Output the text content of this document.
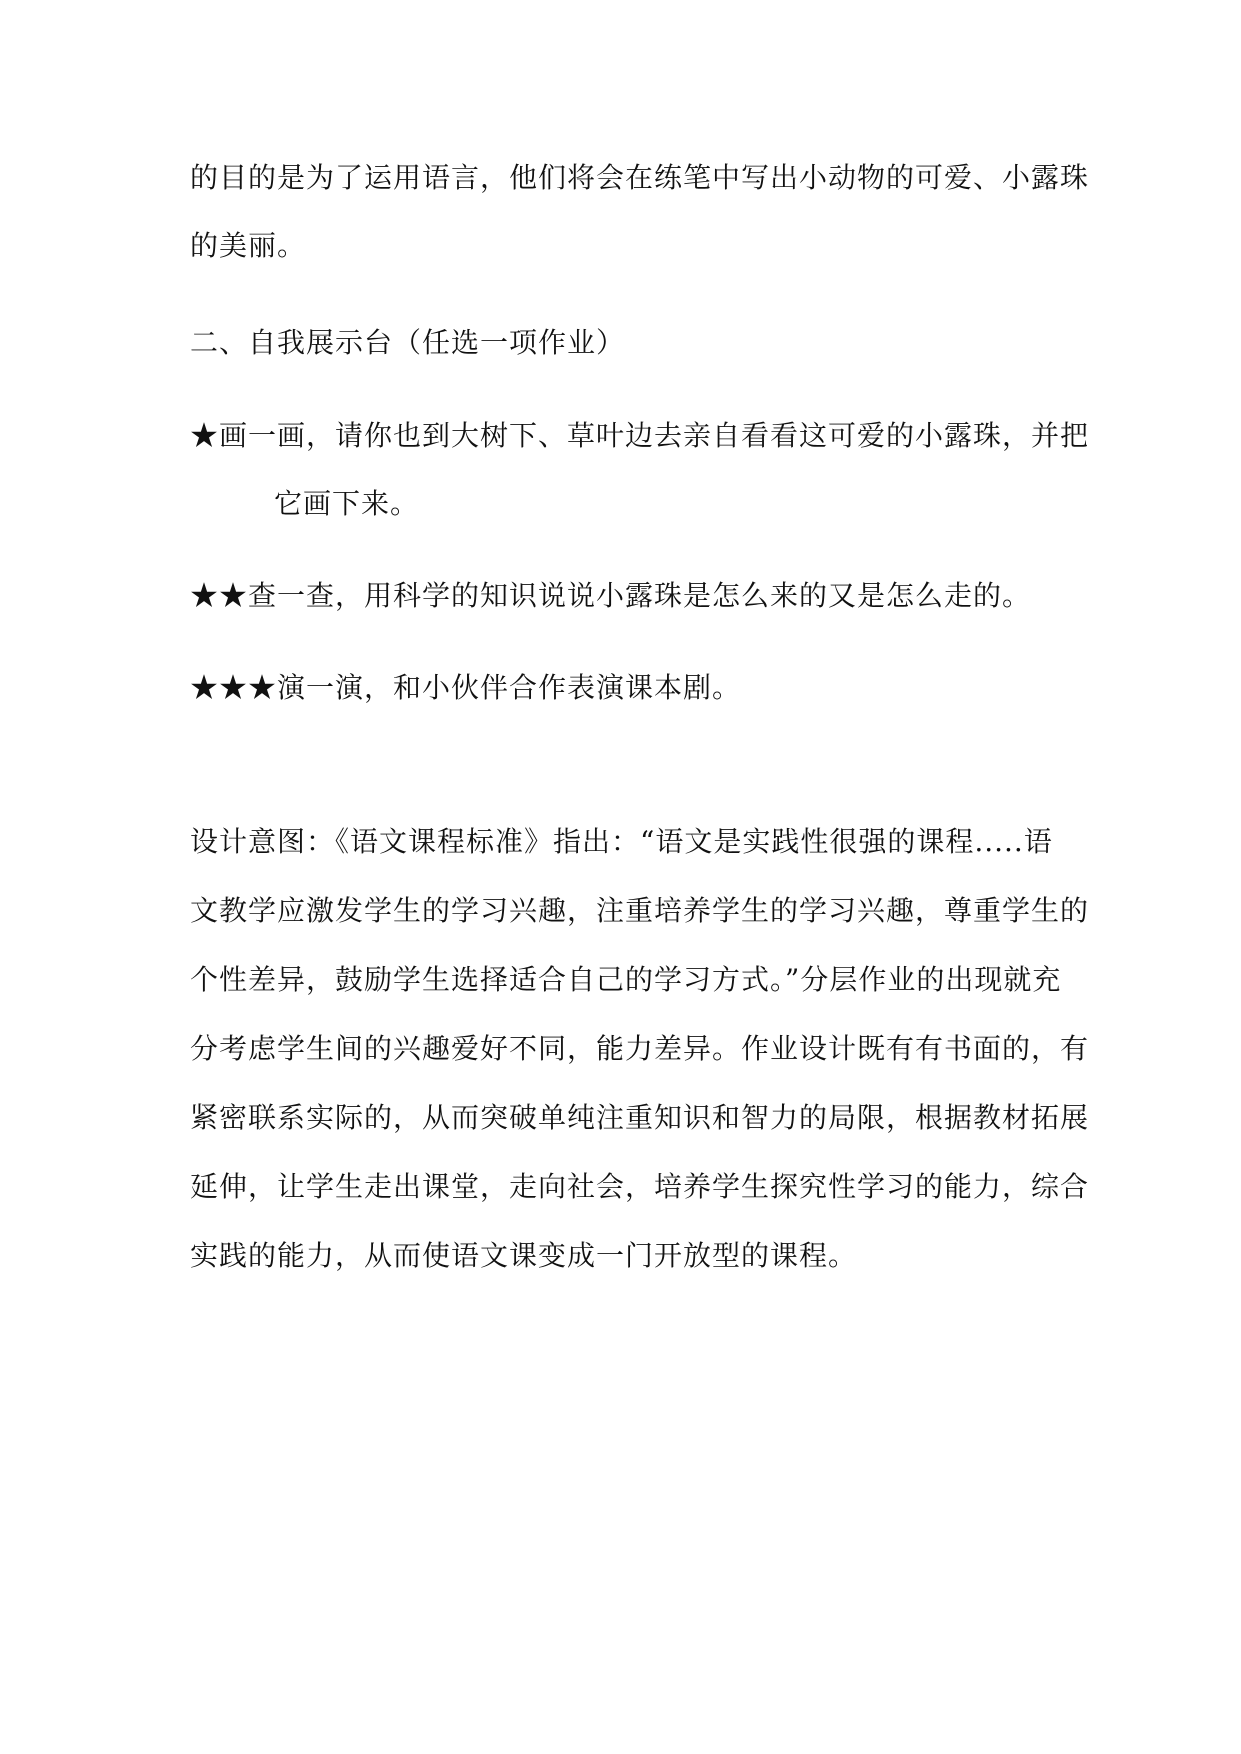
的目的是为了运用语言，他们将会在练笔中写出小动物的可爱、小露珠
的美丽。
二、自我展示台（任选一项作业）
★画一画，请你也到大树下、草叶边去亲自看看这可爱的小露珠，并把
它画下来。
★★查一查，用科学的知识说说小露珠是怎么来的又是怎么走的。
★★★演一演，和小伙伴合作表演课本剧。
设计意图：《语文课程标准》指出：“语文是实践性很强的课程.....语
文教学应激发学生的学习兴趣，注重培养学生的学习兴趣，尊重学生的
个性差异，鼓励学生选择适合自己的学习方式。”分层作业的出现就充
分考虑学生间的兴趣爱好不同，能力差异。作业设计既有有书面的，有
紧密联系实际的，从而突破单纯注重知识和智力的局限，根据教材拓展
延伸，让学生走出课堂，走向社会，培养学生探究性学习的能力，综合
实践的能力，从而使语文课变成一门开放型的课程。
